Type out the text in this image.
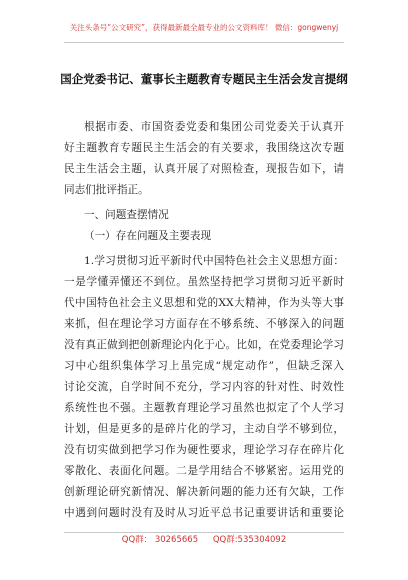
关注头条号“公文研究”，获得最新最全最专业的公文资料库！ 微信：gongwenyj
国企党委书记、董事长主题教育专题民主生活会发言提纲
根据市委、市国资委党委和集团公司党委关于认真开
好主题教育专题民主生活会的有关要求，我围绕这次专题
民主生活会主题，认真开展了对照检查，现报告如下，请
同志们批评指正。
一、问题查摆情况
（一）存在问题及主要表现
1.学习贯彻习近平新时代中国特色社会主义思想方面：
一是学懂弄懂还不到位。虽然坚持把学习贯彻习近平新时
代中国特色社会主义思想和党的XX大精神，作为头等大事
来抓，但在理论学习方面存在不够系统、不够深入的问题
没有真正做到把创新理论内化于心。比如，在党委理论学习
习中心组织集体学习上虽完成“规定动作”，但缺乏深入
讨论交流，自学时间不充分，学习内容的针对性、时效性
系统性也不强。主题教育理论学习虽然也拟定了个人学习
计划，但是更多的是碎片化的学习，主动自学不够到位，
没有切实做到把学习作为硬性要求，理论学习存在碎片化
零散化、表面化问题。二是学用结合不够紧密。运用党的
创新理论研究新情况、解决新问题的能力还有欠缺，工作
中遇到问题时没有及时从习近平总书记重要讲话和重要论
QQ群： 30265665 QQ群:535304092
